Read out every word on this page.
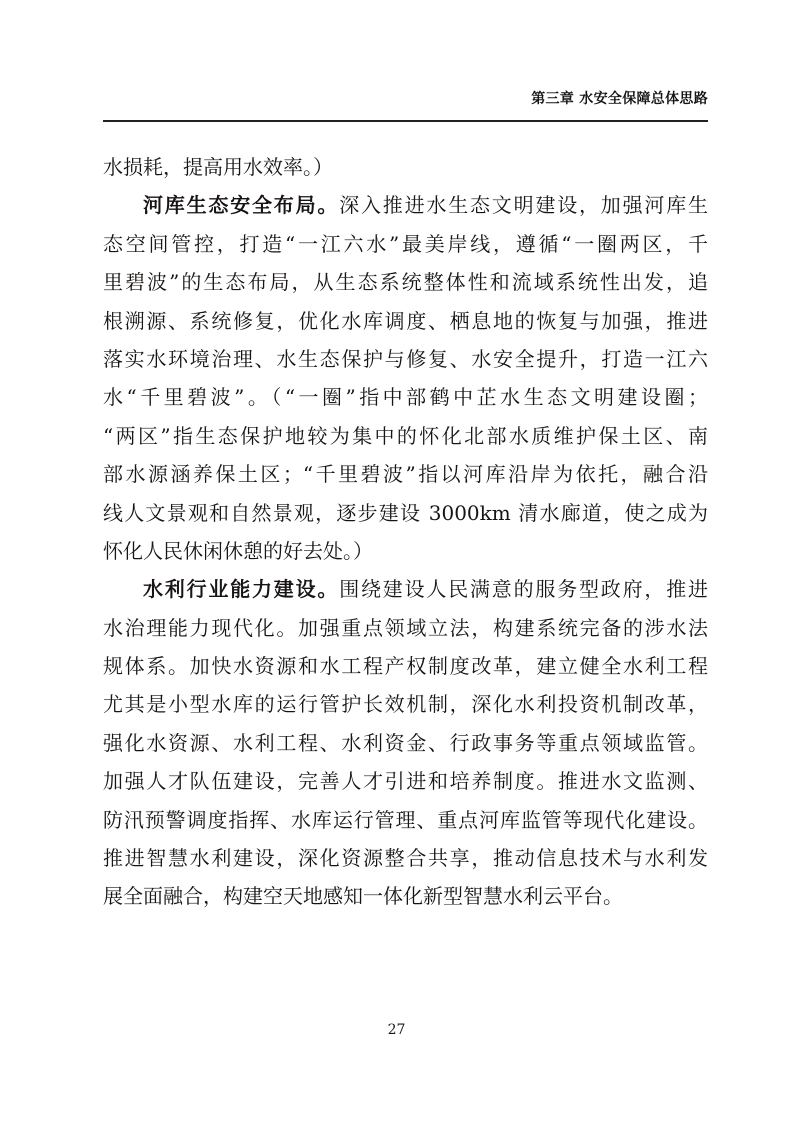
第三章 水安全保障总体思路
水损耗，提高用水效率。）
河库生态安全布局。深入推进水生态文明建设，加强河库生
态空间管控，打造“一江六水”最美岸线，遵循“一圈两区，千
里碧波”的生态布局，从生态系统整体性和流域系统性出发，追
根溯源、系统修复，优化水库调度、栖息地的恢复与加强，推进
落实水环境治理、水生态保护与修复、水安全提升，打造一江六
水“千里碧波”。（“一圈”指中部鹤中芷水生态文明建设圈；
“两区”指生态保护地较为集中的怀化北部水质维护保土区、南
部水源涵养保土区；“千里碧波”指以河库沿岸为依托，融合沿
线人文景观和自然景观，逐步建设 3000km 清水廊道，使之成为
怀化人民休闲休憩的好去处。）
水利行业能力建设。围绕建设人民满意的服务型政府，推进
水治理能力现代化。加强重点领域立法，构建系统完备的涉水法
规体系。加快水资源和水工程产权制度改革，建立健全水利工程
尤其是小型水库的运行管护长效机制，深化水利投资机制改革，
强化水资源、水利工程、水利资金、行政事务等重点领域监管。
加强人才队伍建设，完善人才引进和培养制度。推进水文监测、
防汛预警调度指挥、水库运行管理、重点河库监管等现代化建设。
推进智慧水利建设，深化资源整合共享，推动信息技术与水利发
展全面融合，构建空天地感知一体化新型智慧水利云平台。
27
